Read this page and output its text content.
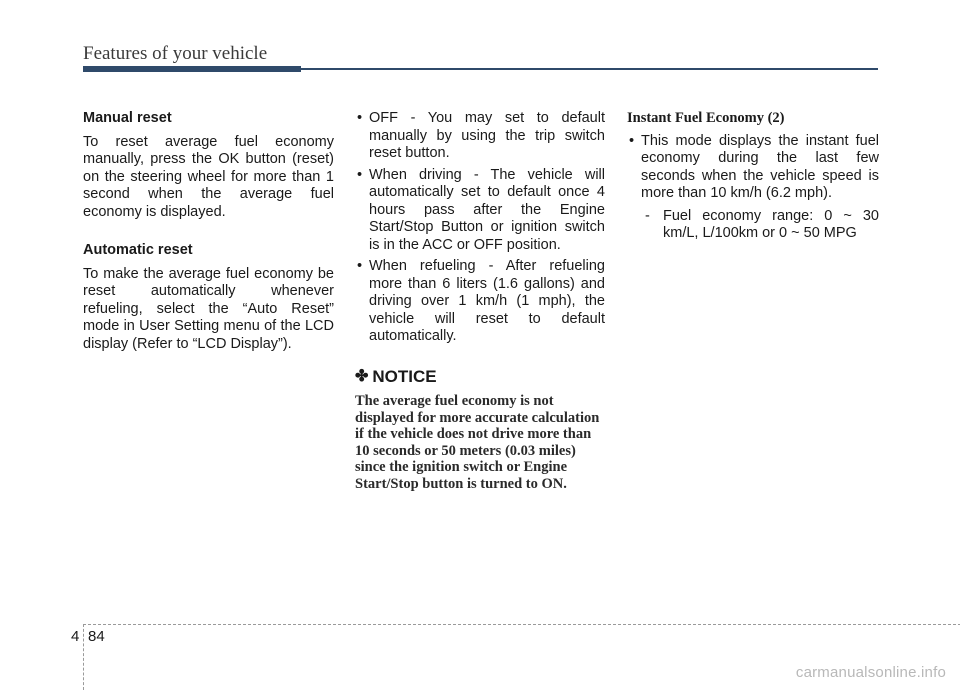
Features of your vehicle

Manual reset

To reset average fuel economy manually, press the OK button (reset) on the steering wheel for more than 1 second when the average fuel economy is displayed.

Automatic reset

To make the average fuel economy be reset automatically whenever refueling, select the “Auto Reset” mode in User Setting menu of the LCD display (Refer to “LCD Display”).

• OFF - You may set to default manually by using the trip switch reset button.

• When driving - The vehicle will automatically set to default once 4 hours pass after the Engine Start/Stop Button or ignition switch is in the ACC or OFF position.

• When refueling - After refueling more than 6 liters (1.6 gallons) and driving over 1 km/h (1 mph), the vehicle will reset to default automatically.

✤ NOTICE

The average fuel economy is not displayed for more accurate calculation if the vehicle does not drive more than 10 seconds or 50 meters (0.03 miles) since the ignition switch or Engine Start/Stop button is turned to ON.

Instant Fuel Economy (2)

• This mode displays the instant fuel economy during the last few seconds when the vehicle speed is more than 10 km/h (6.2 mph).

- Fuel economy range: 0 ~ 30 km/L, L/100km or 0 ~ 50 MPG

4 84
carmanualsonline.info
